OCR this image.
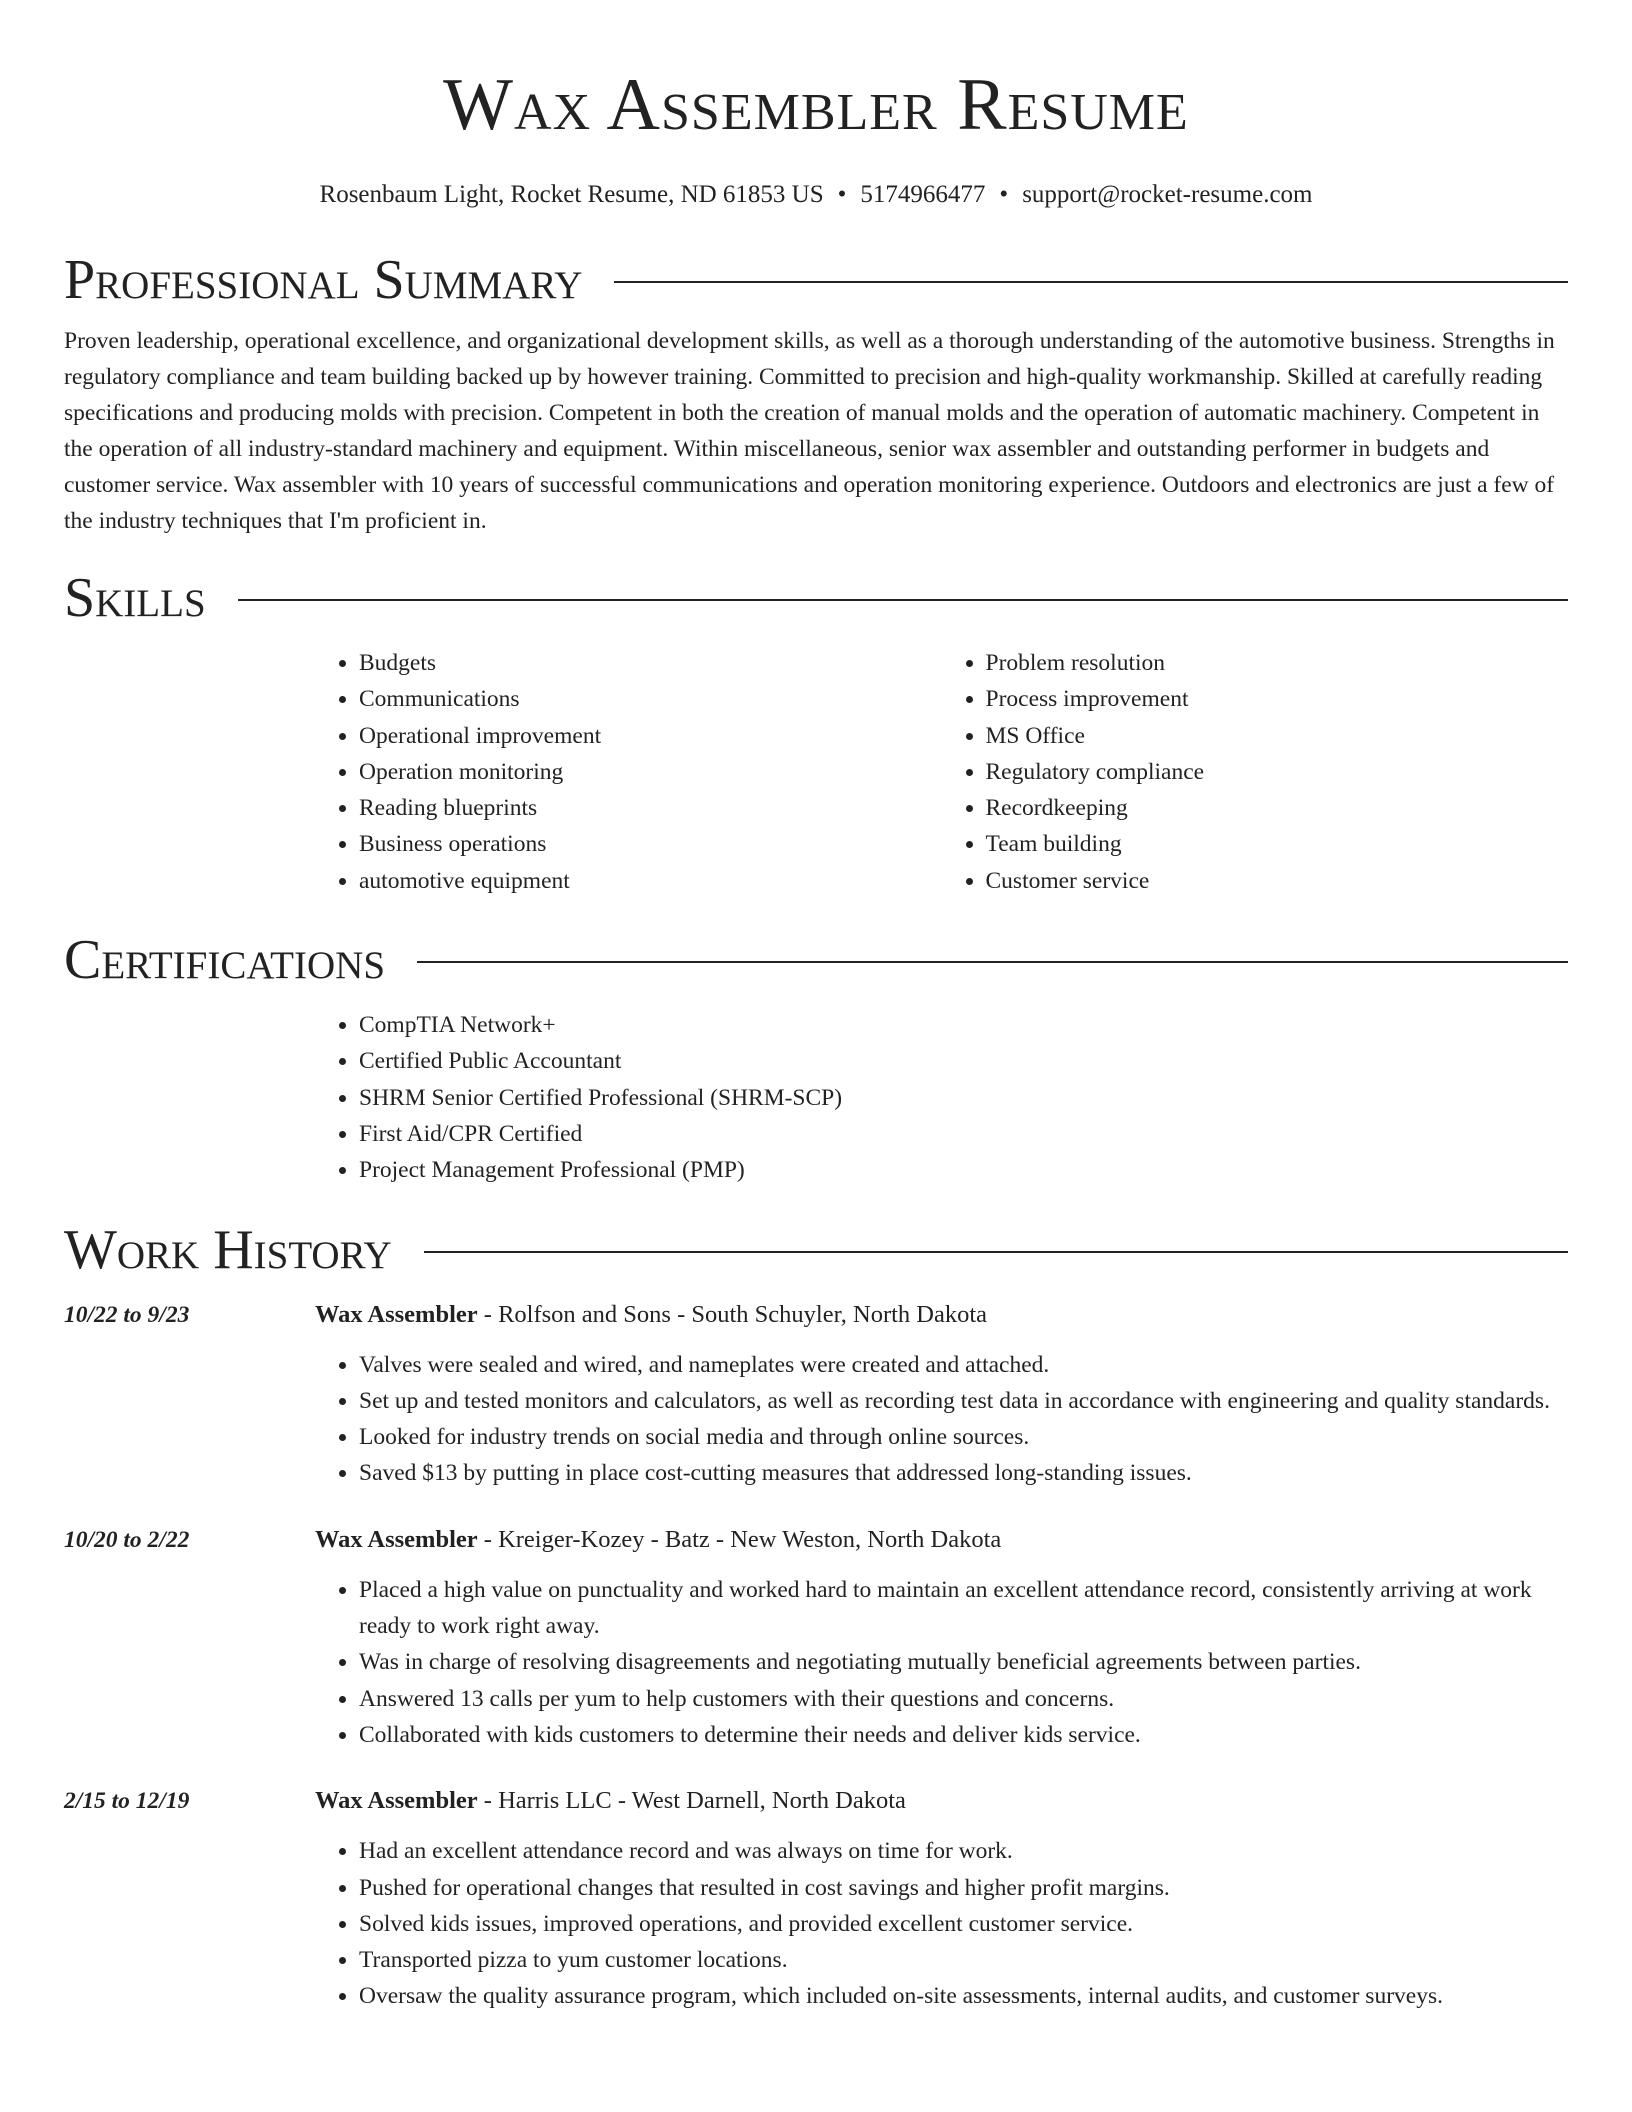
Wax Assembler Resume
Rosenbaum Light, Rocket Resume, ND 61853 US • 5174966477 • support@rocket-resume.com
Professional Summary

Proven leadership, operational excellence, and organizational development skills, as well as a thorough understanding of the automotive business. Strengths in regulatory compliance and team building backed up by however training. Committed to precision and high-quality workmanship. Skilled at carefully reading specifications and producing molds with precision. Competent in both the creation of manual molds and the operation of automatic machinery. Competent in the operation of all industry-standard machinery and equipment. Within miscellaneous, senior wax assembler and outstanding performer in budgets and customer service. Wax assembler with 10 years of successful communications and operation monitoring experience. Outdoors and electronics are just a few of the industry techniques that I'm proficient in.

Skills
• Budgets
• Communications
• Operational improvement
• Operation monitoring
• Reading blueprints
• Business operations
• automotive equipment
• Problem resolution
• Process improvement
• MS Office
• Regulatory compliance
• Recordkeeping
• Team building
• Customer service
Certifications
• CompTIA Network+
• Certified Public Accountant
• SHRM Senior Certified Professional (SHRM-SCP)
• First Aid/CPR Certified
• Project Management Professional (PMP)
Work History
10/22 to 9/23	Wax Assembler - Rolfson and Sons - South Schuyler, North Dakota
• Valves were sealed and wired, and nameplates were created and attached.
• Set up and tested monitors and calculators, as well as recording test data in accordance with engineering and quality standards.
• Looked for industry trends on social media and through online sources.
• Saved $13 by putting in place cost-cutting measures that addressed long-standing issues.
10/20 to 2/22	Wax Assembler - Kreiger-Kozey - Batz - New Weston, North Dakota
• Placed a high value on punctuality and worked hard to maintain an excellent attendance record, consistently arriving at work ready to work right away.
• Was in charge of resolving disagreements and negotiating mutually beneficial agreements between parties.
• Answered 13 calls per yum to help customers with their questions and concerns.
• Collaborated with kids customers to determine their needs and deliver kids service.
2/15 to 12/19	Wax Assembler - Harris LLC - West Darnell, North Dakota
• Had an excellent attendance record and was always on time for work.
• Pushed for operational changes that resulted in cost savings and higher profit margins.
• Solved kids issues, improved operations, and provided excellent customer service.
• Transported pizza to yum customer locations.
• Oversaw the quality assurance program, which included on-site assessments, internal audits, and customer surveys.
